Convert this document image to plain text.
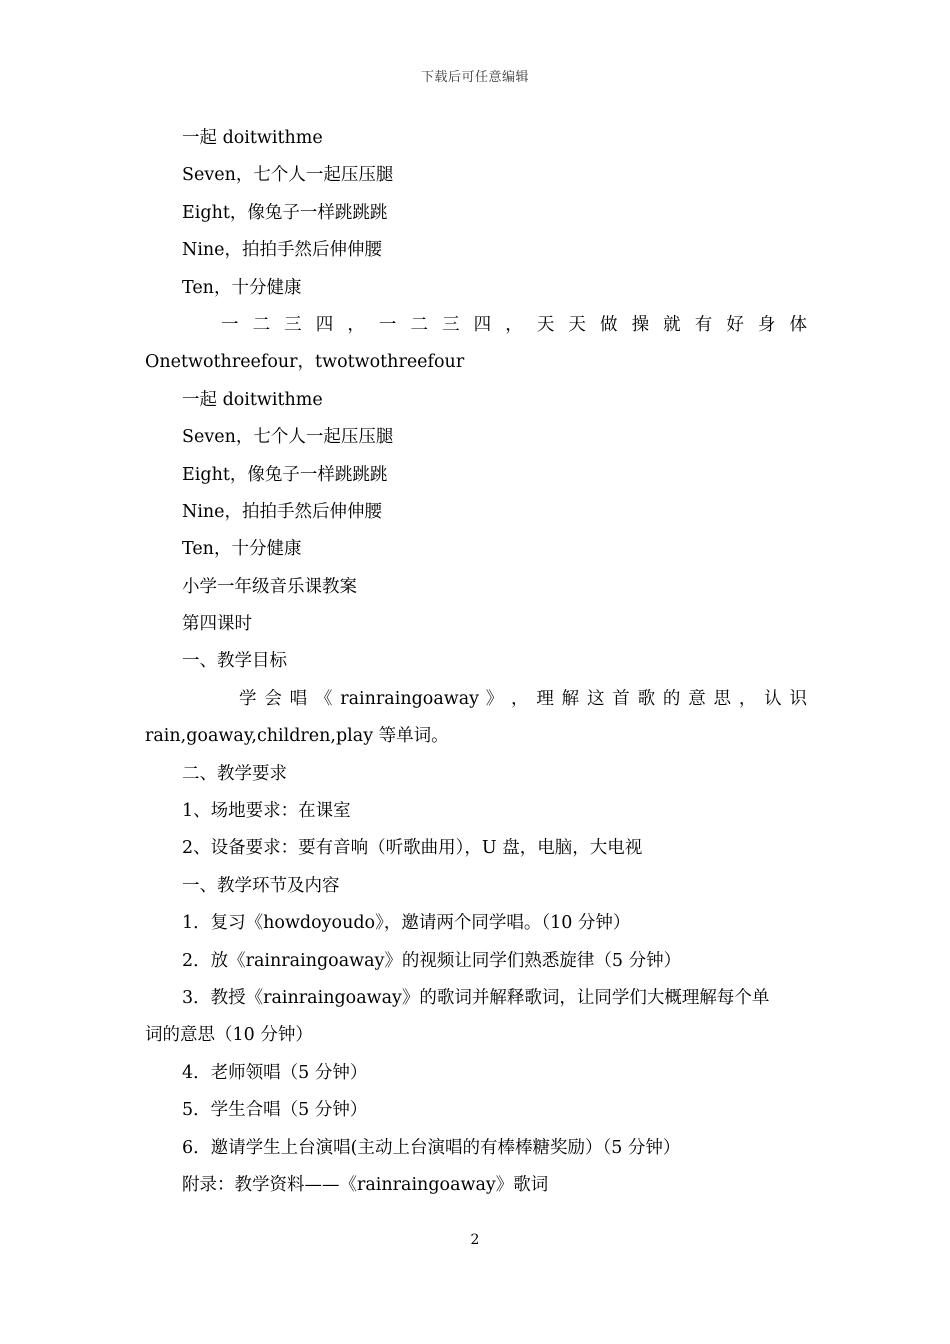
下载后可任意编辑
一起 doitwithme
Seven，七个人一起压压腿
Eight，像兔子一样跳跳跳
Nine，拍拍手然后伸伸腰
Ten，十分健康
一 二 三 四 ， 一 二 三 四 ， 天 天 做 操 就 有 好 身 体
Onetwothreefour，twotwothreefour
一起 doitwithme
Seven，七个人一起压压腿
Eight，像兔子一样跳跳跳
Nine，拍拍手然后伸伸腰
Ten，十分健康
小学一年级音乐课教案
第四课时
一、教学目标
学 会 唱 《 rainraingoaway 》 ， 理 解 这 首 歌 的 意 思 ， 认 识
rain,goaway,children,play 等单词。
二、教学要求
1、场地要求：在课室
2、设备要求：要有音响（听歌曲用），U 盘，电脑，大电视
一、教学环节及内容
1．复习《howdoyoudo》，邀请两个同学唱。（10 分钟）
2．放《rainraingoaway》的视频让同学们熟悉旋律（5 分钟）
3．教授《rainraingoaway》的歌词并解释歌词，让同学们大概理解每个单
词的意思（10 分钟）
4．老师领唱（5 分钟）
5．学生合唱（5 分钟）
6．邀请学生上台演唱(主动上台演唱的有棒棒糖奖励）（5 分钟）
附录：教学资料——《rainraingoaway》歌词
2
